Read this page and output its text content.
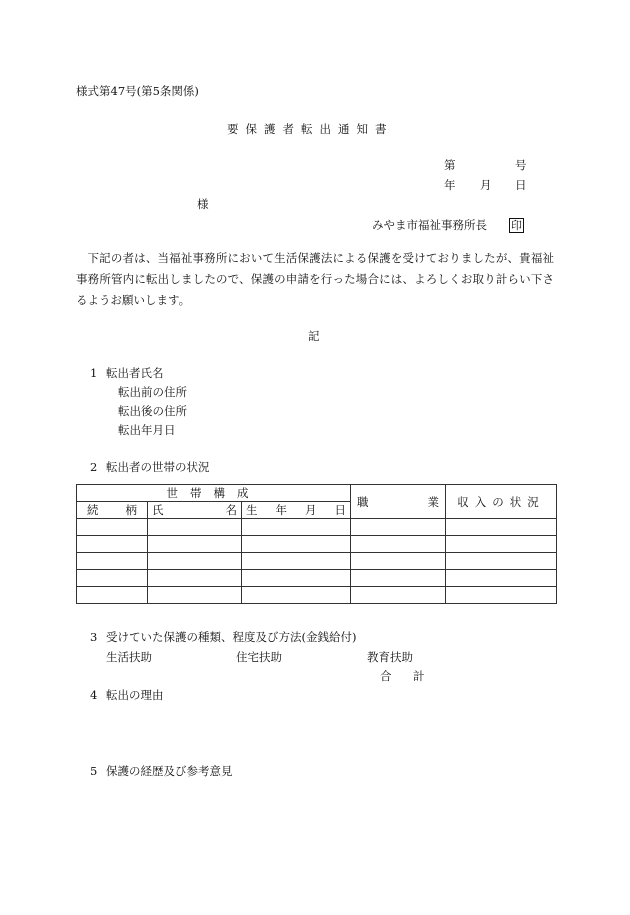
様式第47号(第5条関係)
要保護者転出通知書
第	号
年 月 日
様
みやま市福祉事務所長 印
下記の者は、当福祉事務所において生活保護法による保護を受けておりましたが、貴福祉事務所管内に転出しましたので、保護の申請を行った場合には、よろしくお取り計らい下さるようお願いします。
記
1 転出者氏名
転出前の住所
転出後の住所
転出年月日
2 転出者の世帯の状況
世帯構成			職 業	収入の状況

続 柄	氏 名	生 年 月 日		

3 受けていた保護の種類、程度及び方法(金銭給付)
生活扶助	住宅扶助	教育扶助
合 計
4 転出の理由
5 保護の経歴及び参考意見
